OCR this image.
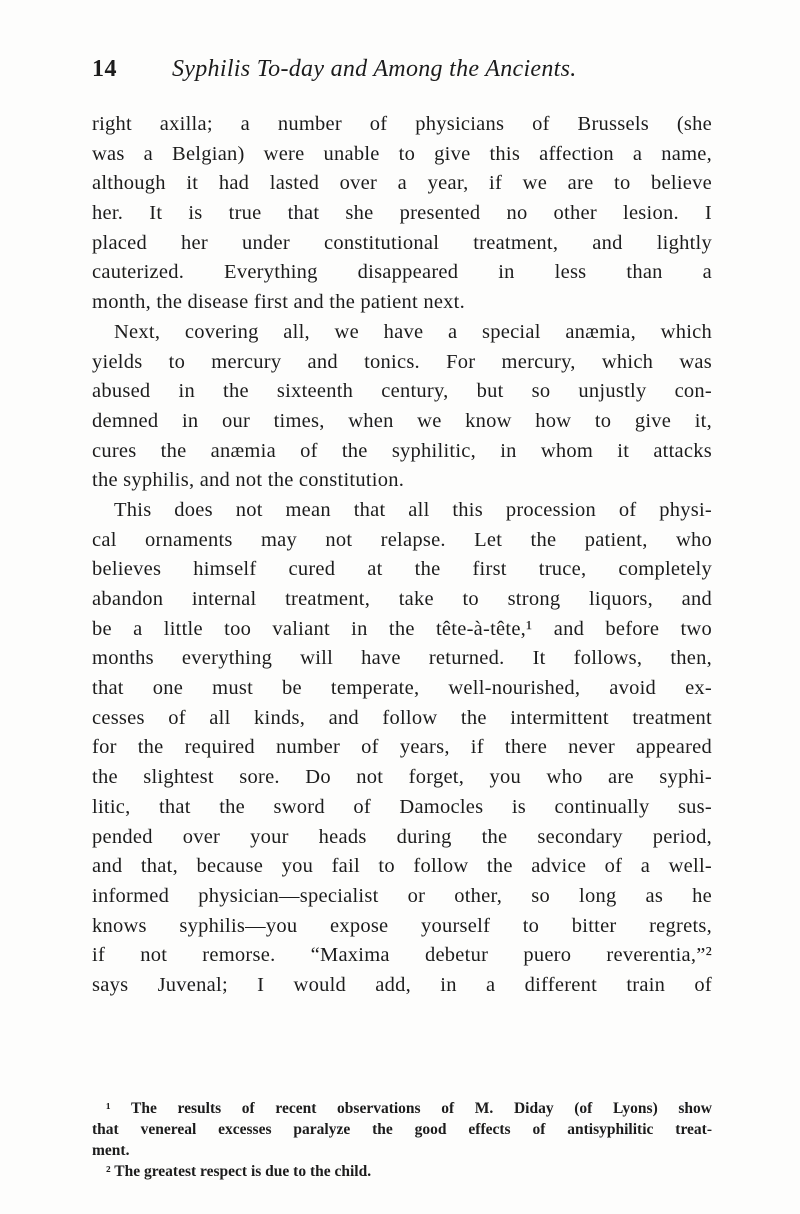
14 Syphilis To-day and Among the Ancients.
right axilla; a number of physicians of Brussels (she
was a Belgian) were unable to give this affection a name,
although it had lasted over a year, if we are to believe
her. It is true that she presented no other lesion. I
placed her under constitutional treatment, and lightly
cauterized. Everything disappeared in less than a
month, the disease first and the patient next.
Next, covering all, we have a special anæmia, which
yields to mercury and tonics. For mercury, which was
abused in the sixteenth century, but so unjustly con-
demned in our times, when we know how to give it,
cures the anæmia of the syphilitic, in whom it attacks
the syphilis, and not the constitution.
This does not mean that all this procession of physi-
cal ornaments may not relapse. Let the patient, who
believes himself cured at the first truce, completely
abandon internal treatment, take to strong liquors, and
be a little too valiant in the tête-à-tête,¹ and before two
months everything will have returned. It follows, then,
that one must be temperate, well-nourished, avoid ex-
cesses of all kinds, and follow the intermittent treatment
for the required number of years, if there never appeared
the slightest sore. Do not forget, you who are syphi-
litic, that the sword of Damocles is continually sus-
pended over your heads during the secondary period,
and that, because you fail to follow the advice of a well-
informed physician—specialist or other, so long as he
knows syphilis—you expose yourself to bitter regrets,
if not remorse. “Maxima debetur puero reverentia,”²
says Juvenal; I would add, in a different train of
¹ The results of recent observations of M. Diday (of Lyons) show
that venereal excesses paralyze the good effects of antisyphilitic treat-
ment.
² The greatest respect is due to the child.
